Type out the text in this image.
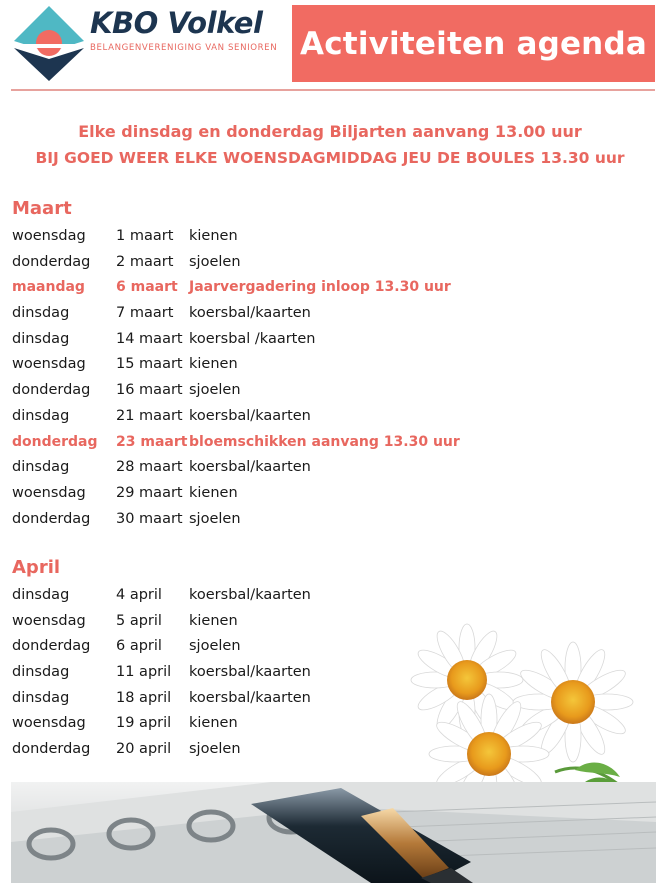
KBO Volkel
BELANGENVERENIGING VAN SENIOREN Activiteiten agenda
Elke dinsdag en donderdag Biljarten aanvang 13.00 uur
BIJ GOED WEER ELKE WOENSDAGMIDDAG JEU DE BOULES 13.30 uur
Maart
woensdag 1 maart kienen
donderdag 2 maart sjoelen
maandag 6 maart Jaarvergadering inloop 13.30 uur
dinsdag	7 maart koersbal/kaarten
dinsdag	14 maart koersbal /kaarten
woensdag 15 maart kienen
donderdag 16 maart sjoelen
dinsdag	21 maart koersbal/kaarten
donderdag 23 maart bloemschikken aanvang 13.30 uur
dinsdag	28 maart koersbal/kaarten
woensdag 29 maart kienen
donderdag 30 maart sjoelen
April
dinsdag	4 april koersbal/kaarten
woensdag 5 april kienen
donderdag 6 april sjoelen
dinsdag	11 april koersbal/kaarten
dinsdag	18 april koersbal/kaarten
woensdag 19 april kienen
donderdag 20 april sjoelen
